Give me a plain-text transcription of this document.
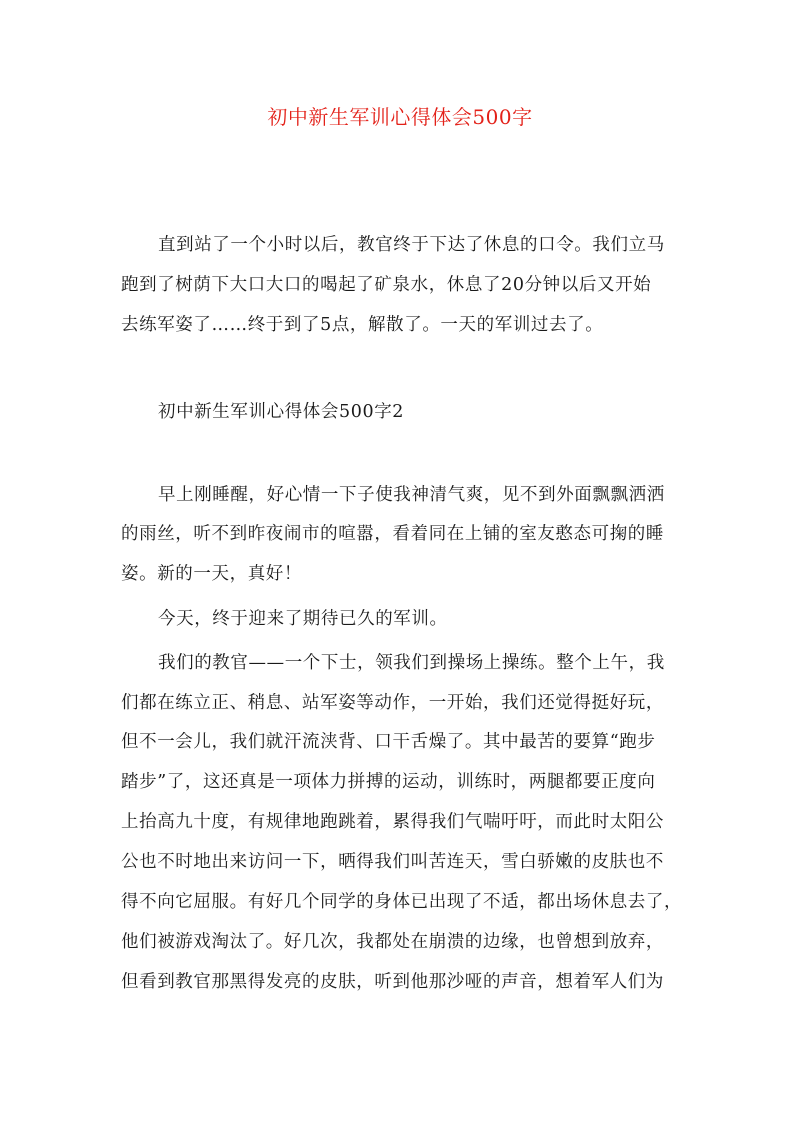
初中新生军训心得体会500字
直到站了一个小时以后，教官终于下达了休息的口令。我们立马
跑到了树荫下大口大口的喝起了矿泉水，休息了20分钟以后又开始
去练军姿了……终于到了5点，解散了。一天的军训过去了。
初中新生军训心得体会500字2
早上刚睡醒，好心情一下子使我神清气爽，见不到外面飘飘洒洒
的雨丝，听不到昨夜闹市的喧嚣，看着同在上铺的室友憨态可掬的睡
姿。新的一天，真好！
今天，终于迎来了期待已久的军训。
我们的教官——一个下士，领我们到操场上操练。整个上午，我
们都在练立正、稍息、站军姿等动作，一开始，我们还觉得挺好玩，
但不一会儿，我们就汗流浃背、口干舌燥了。其中最苦的要算“跑步
踏步”了，这还真是一项体力拼搏的运动，训练时，两腿都要正度向
上抬高九十度，有规律地跑跳着，累得我们气喘吁吁，而此时太阳公
公也不时地出来访问一下，晒得我们叫苦连天，雪白骄嫩的皮肤也不
得不向它屈服。有好几个同学的身体已出现了不适，都出场休息去了，
他们被游戏淘汰了。好几次，我都处在崩溃的边缘，也曾想到放弃，
但看到教官那黑得发亮的皮肤，听到他那沙哑的声音，想着军人们为
